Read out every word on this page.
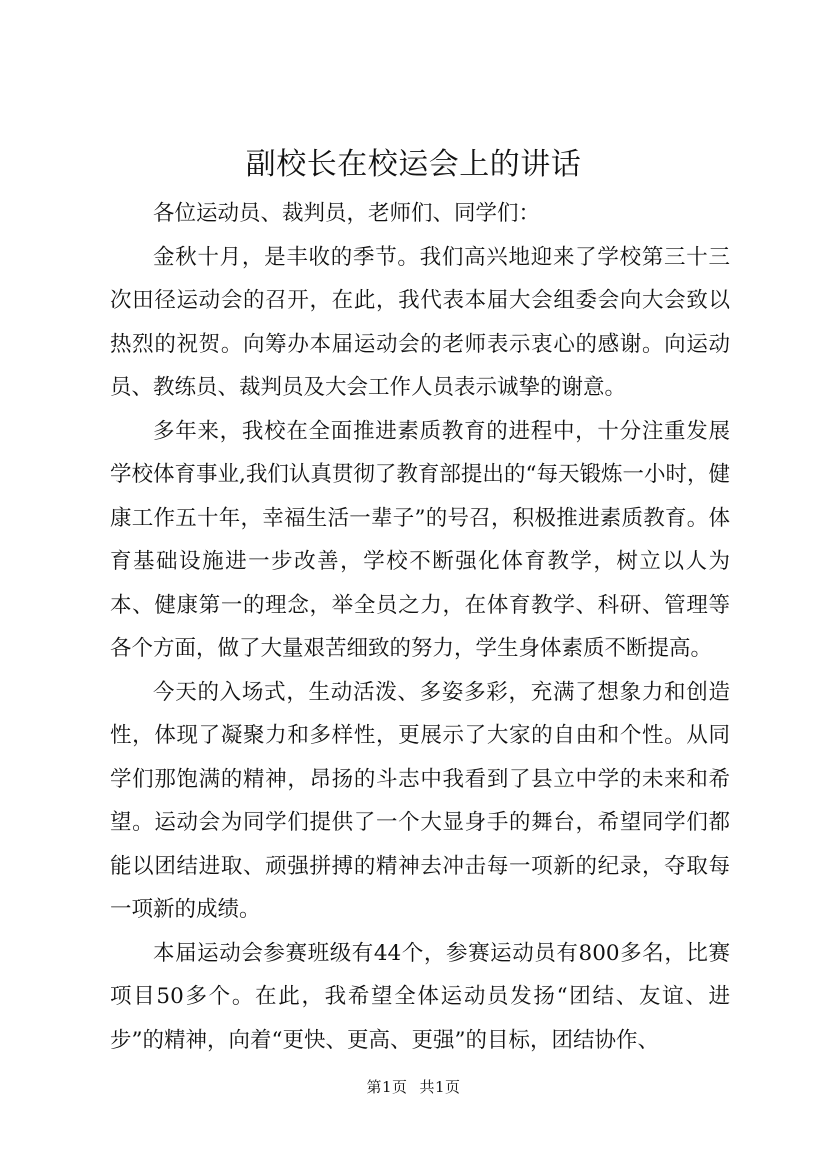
副校长在校运会上的讲话

各位运动员、裁判员，老师们、同学们：

金秋十月，是丰收的季节。我们高兴地迎来了学校第三十三次田径运动会的召开，在此，我代表本届大会组委会向大会致以热烈的祝贺。向筹办本届运动会的老师表示衷心的感谢。向运动员、教练员、裁判员及大会工作人员表示诚挚的谢意。

多年来，我校在全面推进素质教育的进程中，十分注重发展学校体育事业,我们认真贯彻了教育部提出的“每天锻炼一小时，健康工作五十年，幸福生活一辈子”的号召，积极推进素质教育。体育基础设施进一步改善，学校不断强化体育教学，树立以人为本、健康第一的理念，举全员之力，在体育教学、科研、管理等各个方面，做了大量艰苦细致的努力，学生身体素质不断提高。

今天的入场式，生动活泼、多姿多彩，充满了想象力和创造性，体现了凝聚力和多样性，更展示了大家的自由和个性。从同学们那饱满的精神，昂扬的斗志中我看到了县立中学的未来和希望。运动会为同学们提供了一个大显身手的舞台，希望同学们都能以团结进取、顽强拼搏的精神去冲击每一项新的纪录，夺取每一项新的成绩。

本届运动会参赛班级有44个，参赛运动员有800多名，比赛项目50多个。在此，我希望全体运动员发扬“团结、友谊、进步”的精神，向着“更快、更高、更强”的目标，团结协作、

第1页 共1页
